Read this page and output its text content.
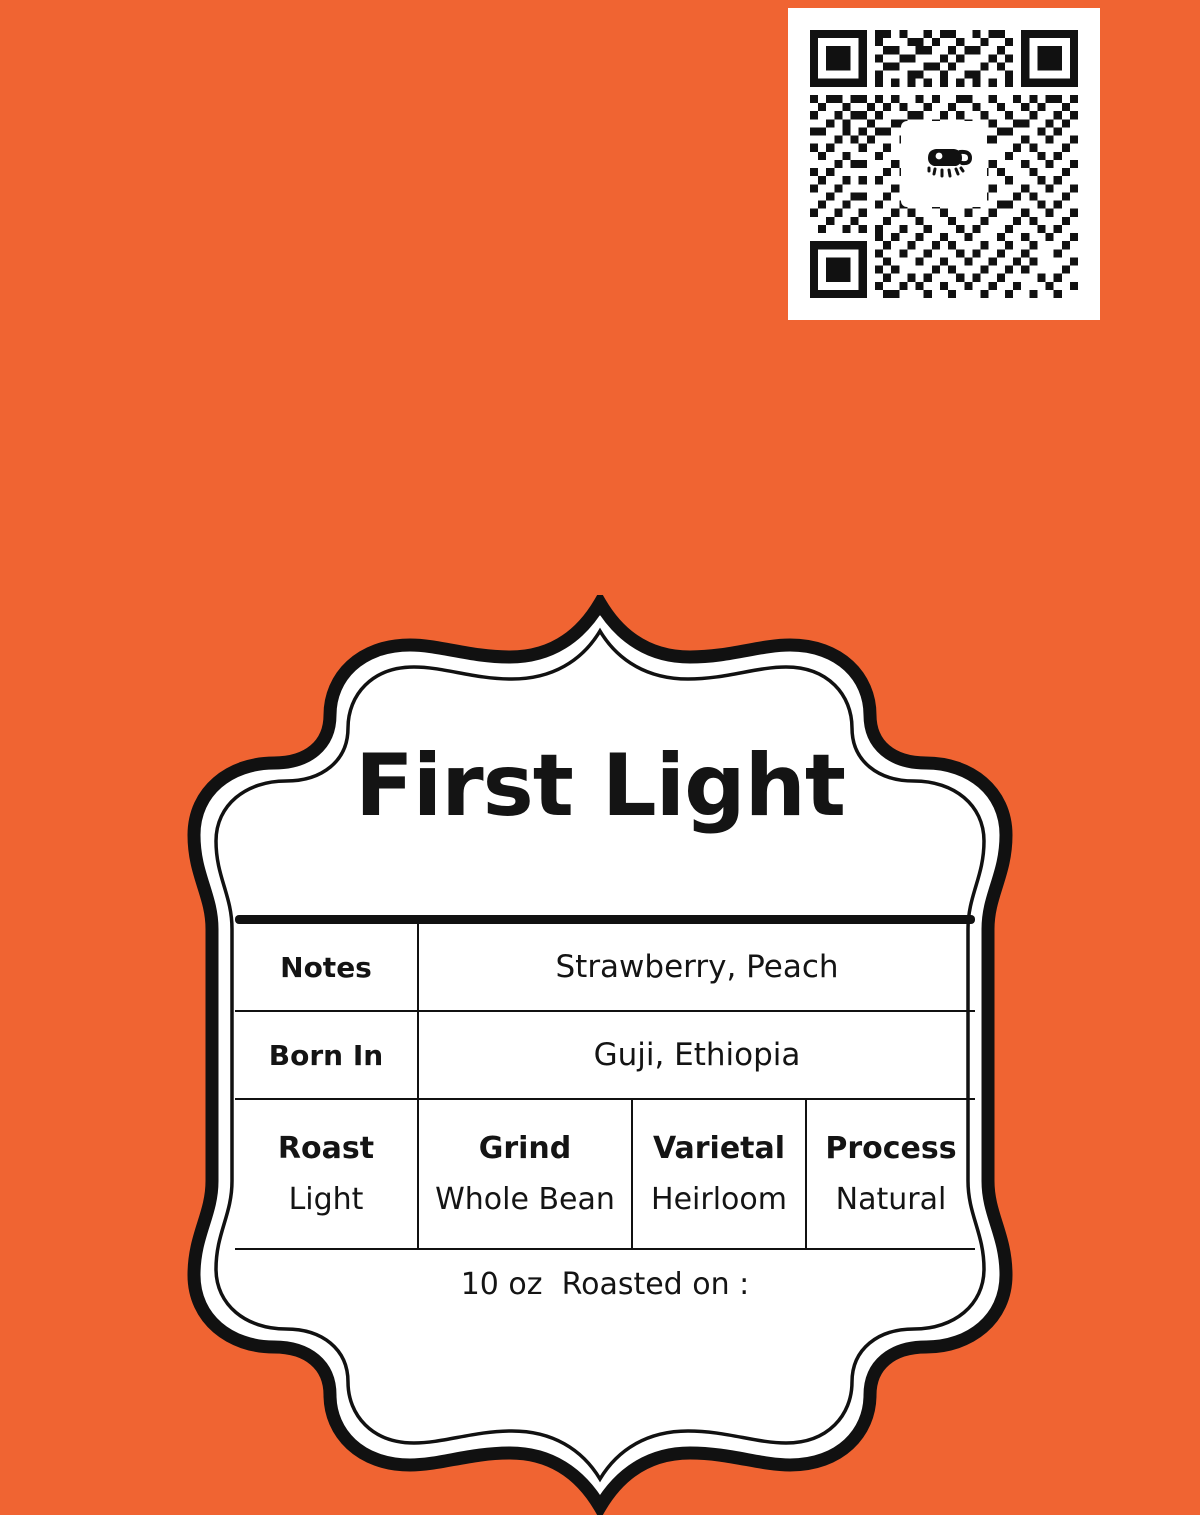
First Light
Notes	Strawberry, Peach
Born In	Guji, Ethiopia
Roast
Light
Grind
Whole Bean
Varietal
Heirloom
Process
Natural
10 oz Roasted on :
